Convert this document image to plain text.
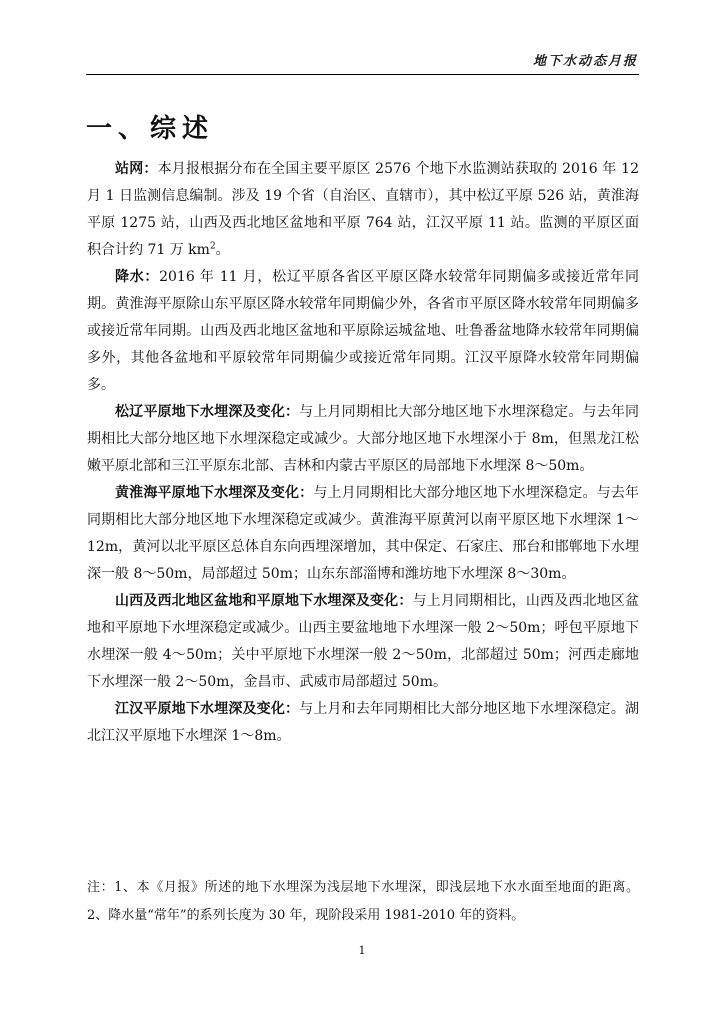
地下水动态月报
一、综述

站网：本月报根据分布在全国主要平原区 2576 个地下水监测站获取的 2016 年 12 月 1 日监测信息编制。涉及 19 个省（自治区、直辖市），其中松辽平原 526 站，黄淮海平原 1275 站，山西及西北地区盆地和平原 764 站，江汉平原 11 站。监测的平原区面积合计约 71 万 $km^2$。

降水：2016 年 11 月，松辽平原各省区平原区降水较常年同期偏多或接近常年同期。黄淮海平原除山东平原区降水较常年同期偏少外，各省市平原区降水较常年同期偏多或接近常年同期。山西及西北地区盆地和平原除运城盆地、吐鲁番盆地降水较常年同期偏多外，其他各盆地和平原较常年同期偏少或接近常年同期。江汉平原降水较常年同期偏多。

松辽平原地下水埋深及变化：与上月同期相比大部分地区地下水埋深稳定。与去年同期相比大部分地区地下水埋深稳定或减少。大部分地区地下水埋深小于 8m，但黑龙江松嫩平原北部和三江平原东北部、吉林和内蒙古平原区的局部地下水埋深 8～50m。

黄淮海平原地下水埋深及变化：与上月同期相比大部分地区地下水埋深稳定。与去年同期相比大部分地区地下水埋深稳定或减少。黄淮海平原黄河以南平原区地下水埋深 1～12m，黄河以北平原区总体自东向西埋深增加，其中保定、石家庄、邢台和邯郸地下水埋深一般 8～50m，局部超过 50m；山东东部淄博和潍坊地下水埋深 8～30m。

山西及西北地区盆地和平原地下水埋深及变化：与上月同期相比，山西及西北地区盆地和平原地下水埋深稳定或减少。山西主要盆地地下水埋深一般 2～50m；呼包平原地下水埋深一般 4～50m；关中平原地下水埋深一般 2～50m，北部超过 50m；河西走廊地下水埋深一般 2～50m，金昌市、武威市局部超过 50m。

江汉平原地下水埋深及变化：与上月和去年同期相比大部分地区地下水埋深稳定。湖北江汉平原地下水埋深 1～8m。

注：1、本《月报》所述的地下水埋深为浅层地下水埋深，即浅层地下水水面至地面的距离。 2、降水量“常年”的系列长度为 30 年，现阶段采用 1981-2010 年的资料。

1
